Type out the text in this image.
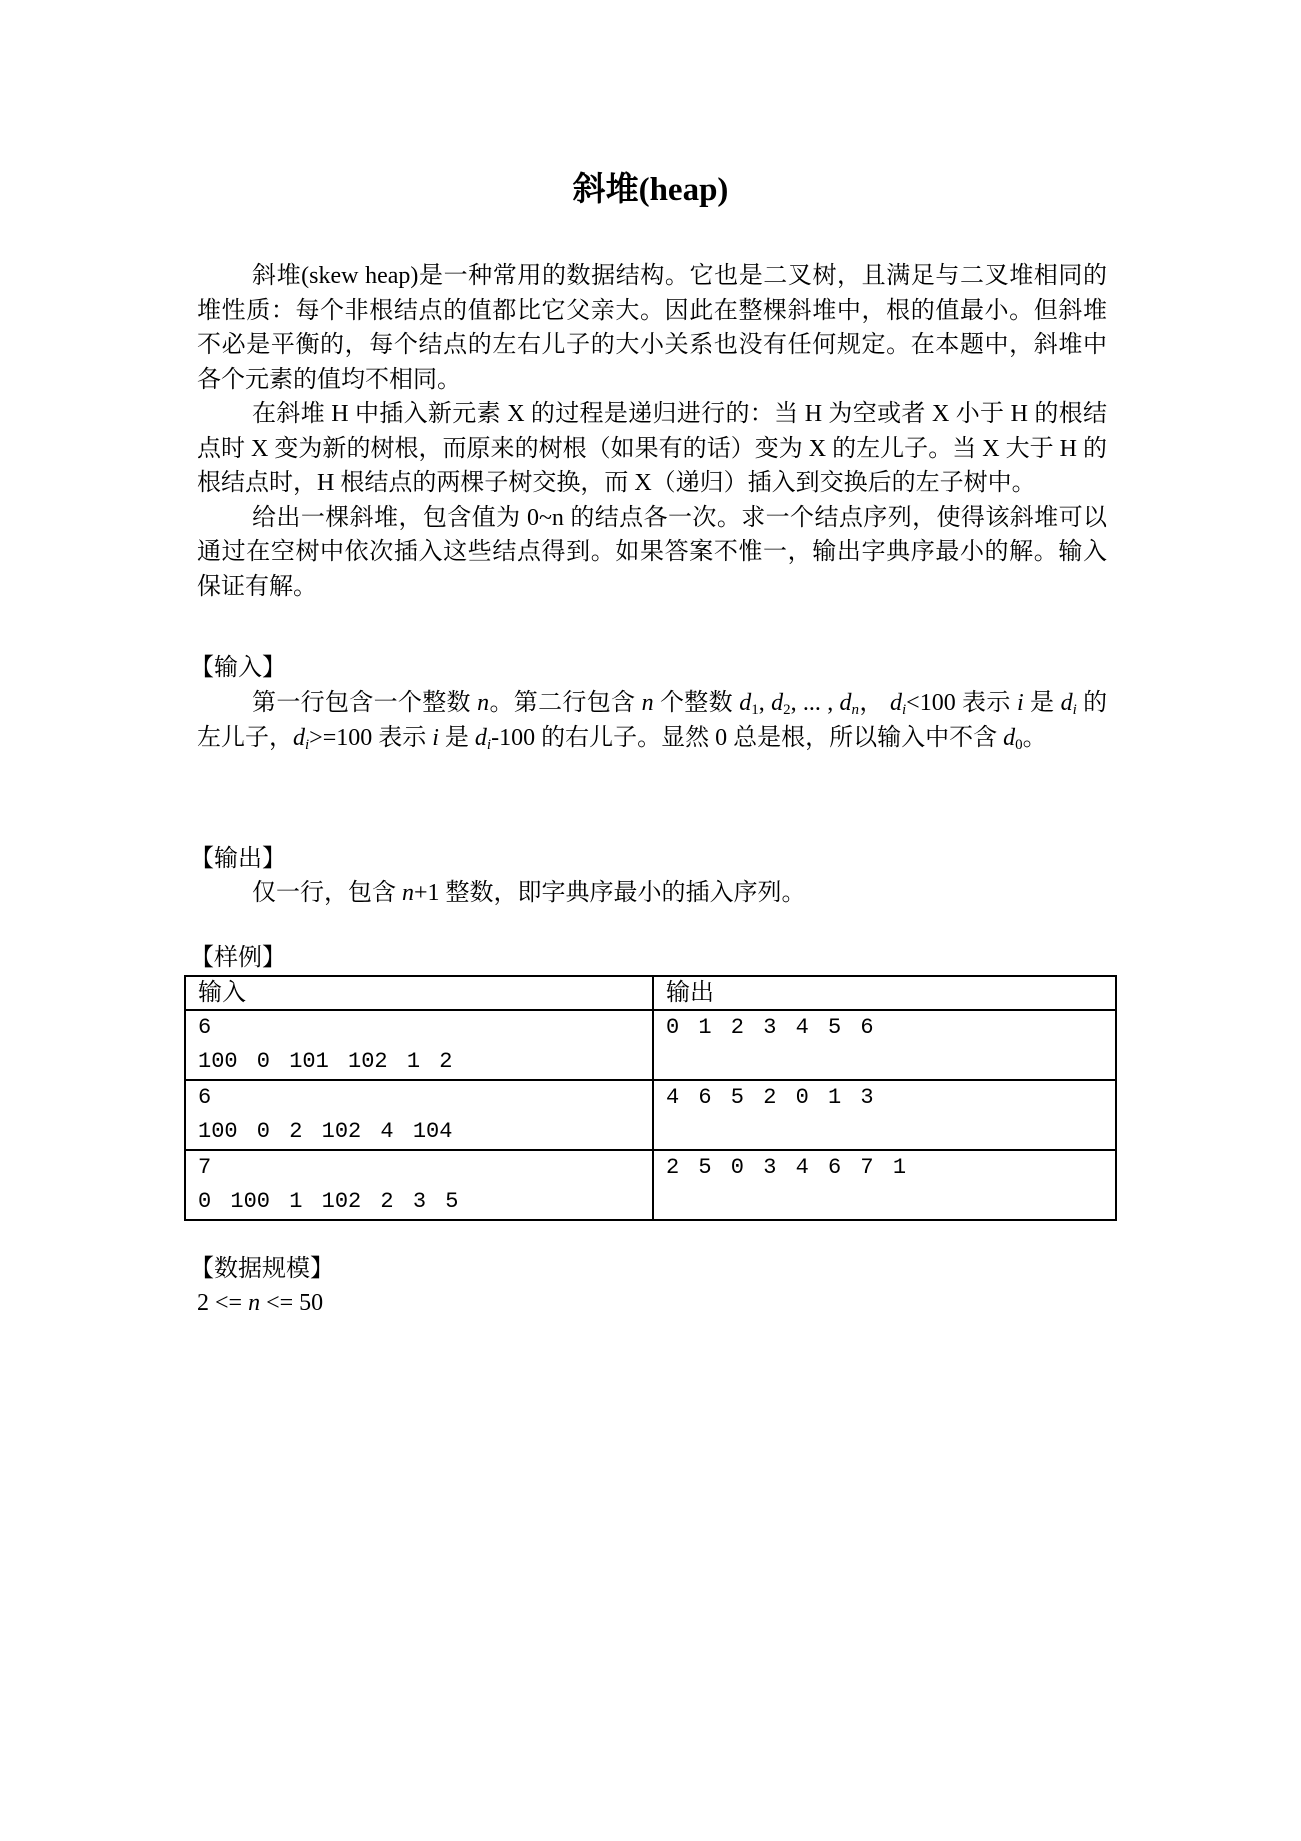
斜堆(heap)

斜堆(skew heap)是一种常用的数据结构。它也是二叉树，且满足与二叉堆相同的堆性质：每个非根结点的值都比它父亲大。因此在整棵斜堆中，根的值最小。但斜堆不必是平衡的，每个结点的左右儿子的大小关系也没有任何规定。在本题中，斜堆中各个元素的值均不相同。

在斜堆 H 中插入新元素 X 的过程是递归进行的：当 H 为空或者 X 小于 H 的根结点时 X 变为新的树根，而原来的树根（如果有的话）变为 X 的左儿子。当 X 大于 H 的根结点时，H 根结点的两棵子树交换，而 X（递归）插入到交换后的左子树中。

给出一棵斜堆，包含值为 0~n 的结点各一次。求一个结点序列，使得该斜堆可以通过在空树中依次插入这些结点得到。如果答案不惟一，输出字典序最小的解。输入保证有解。

【输入】

第一行包含一个整数 n。第二行包含 n 个整数 $d_1$, $d_2$, ... , $d_n$， $d_i<100$ 表示 i 是 $d_i$ 的左儿子，$d_i>=100$ 表示 i 是 $d_i-100$ 的右儿子。显然 0 总是根，所以输入中不含 $d_0$。

【输出】

仅一行，包含 n+1 整数，即字典序最小的插入序列。

【样例】
输入	输出

6
100 0 101 102 1 2	0 1 2 3 4 5 6

6
100 0 2 102 4 104	4 6 5 2 0 1 3

7
0 100 1 102 2 3 5	2 5 0 3 4 6 7 1
【数据规模】
2 <= n <= 50
